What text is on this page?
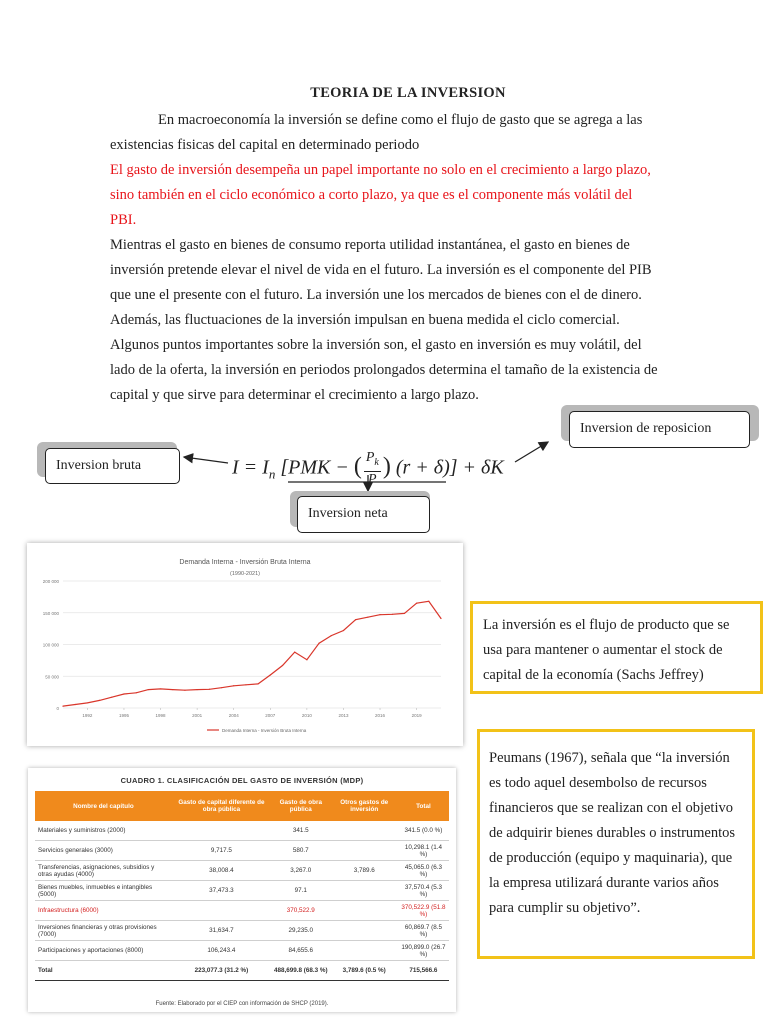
TEORIA DE LA INVERSION
En macroeconomía la inversión se define como el flujo de gasto que se agrega a las existencias fisicas del capital en determinado periodo
El gasto de inversión desempeña un papel importante no solo en el crecimiento a largo plazo, sino también en el ciclo económico a corto plazo, ya que es el componente más volátil del PBI.
Mientras el gasto en bienes de consumo reporta utilidad instantánea, el gasto en bienes de inversión pretende elevar el nivel de vida en el futuro. La inversión es el componente del PIB que une el presente con el futuro. La inversión une los mercados de bienes con el de dinero. Además, las fluctuaciones de la inversión impulsan en buena medida el ciclo comercial. Algunos puntos importantes sobre la inversión son, el gasto en inversión es muy volátil, del lado de la oferta, la inversión en periodos prolongados determina el tamaño de la existencia de capital y que sirve para determinar el crecimiento a largo plazo.
Inversion bruta
Inversion de reposicion
Inversion neta
$I = I_n$ [PMK − ( $\frac{P_k}{P}$ ) (r + δ)] + δK
Demanda Interna - Inversión Bruta Interna
(1990-2021)
0
50 000
100 000
150 000
200 000
1992	1995	1998	2001	2004	2007	2010	2013	2016	2019
Demanda Interna - Inversión Bruta Interna
La inversión es el flujo de producto que se usa para mantener o aumentar el stock de capital de la economía (Sachs Jeffrey)
Peumans (1967), señala que “la inversión es todo aquel desembolso de recursos financieros que se realizan con el objetivo de adquirir bienes durables o instrumentos de producción (equipo y maquinaria), que la empresa utilizará durante varios años para cumplir su objetivo”.
CUADRO 1. CLASIFICACIÓN DEL GASTO DE INVERSIÓN (MDP)
Nombre del capítulo	Gasto de capital diferente de obra pública	Gasto de obra pública	Otros gastos de inversión	Total
Materiales y suministros (2000)		341.5		341.5 (0.0 %)
Servicios generales (3000)	9,717.5	580.7		10,298.1 (1.4 %)
Transferencias, asignaciones, subsidios y otras ayudas (4000)	38,008.4	3,267.0	3,789.6	45,065.0 (6.3 %)
Bienes muebles, inmuebles e intangibles (5000)	37,473.3	97.1		37,570.4 (5.3 %)
Infraestructura (6000)		370,522.9		370,522.9 (51.8 %)
Inversiones financieras y otras provisiones (7000)	31,634.7	29,235.0		60,869.7 (8.5 %)
Participaciones y aportaciones (8000)	106,243.4	84,655.6		190,899.0 (26.7 %)
Total	223,077.3 (31.2 %)	488,699.8 (68.3 %)	3,789.6 (0.5 %)	715,566.6
Fuente: Elaborado por el CIEP con información de SHCP (2019).
